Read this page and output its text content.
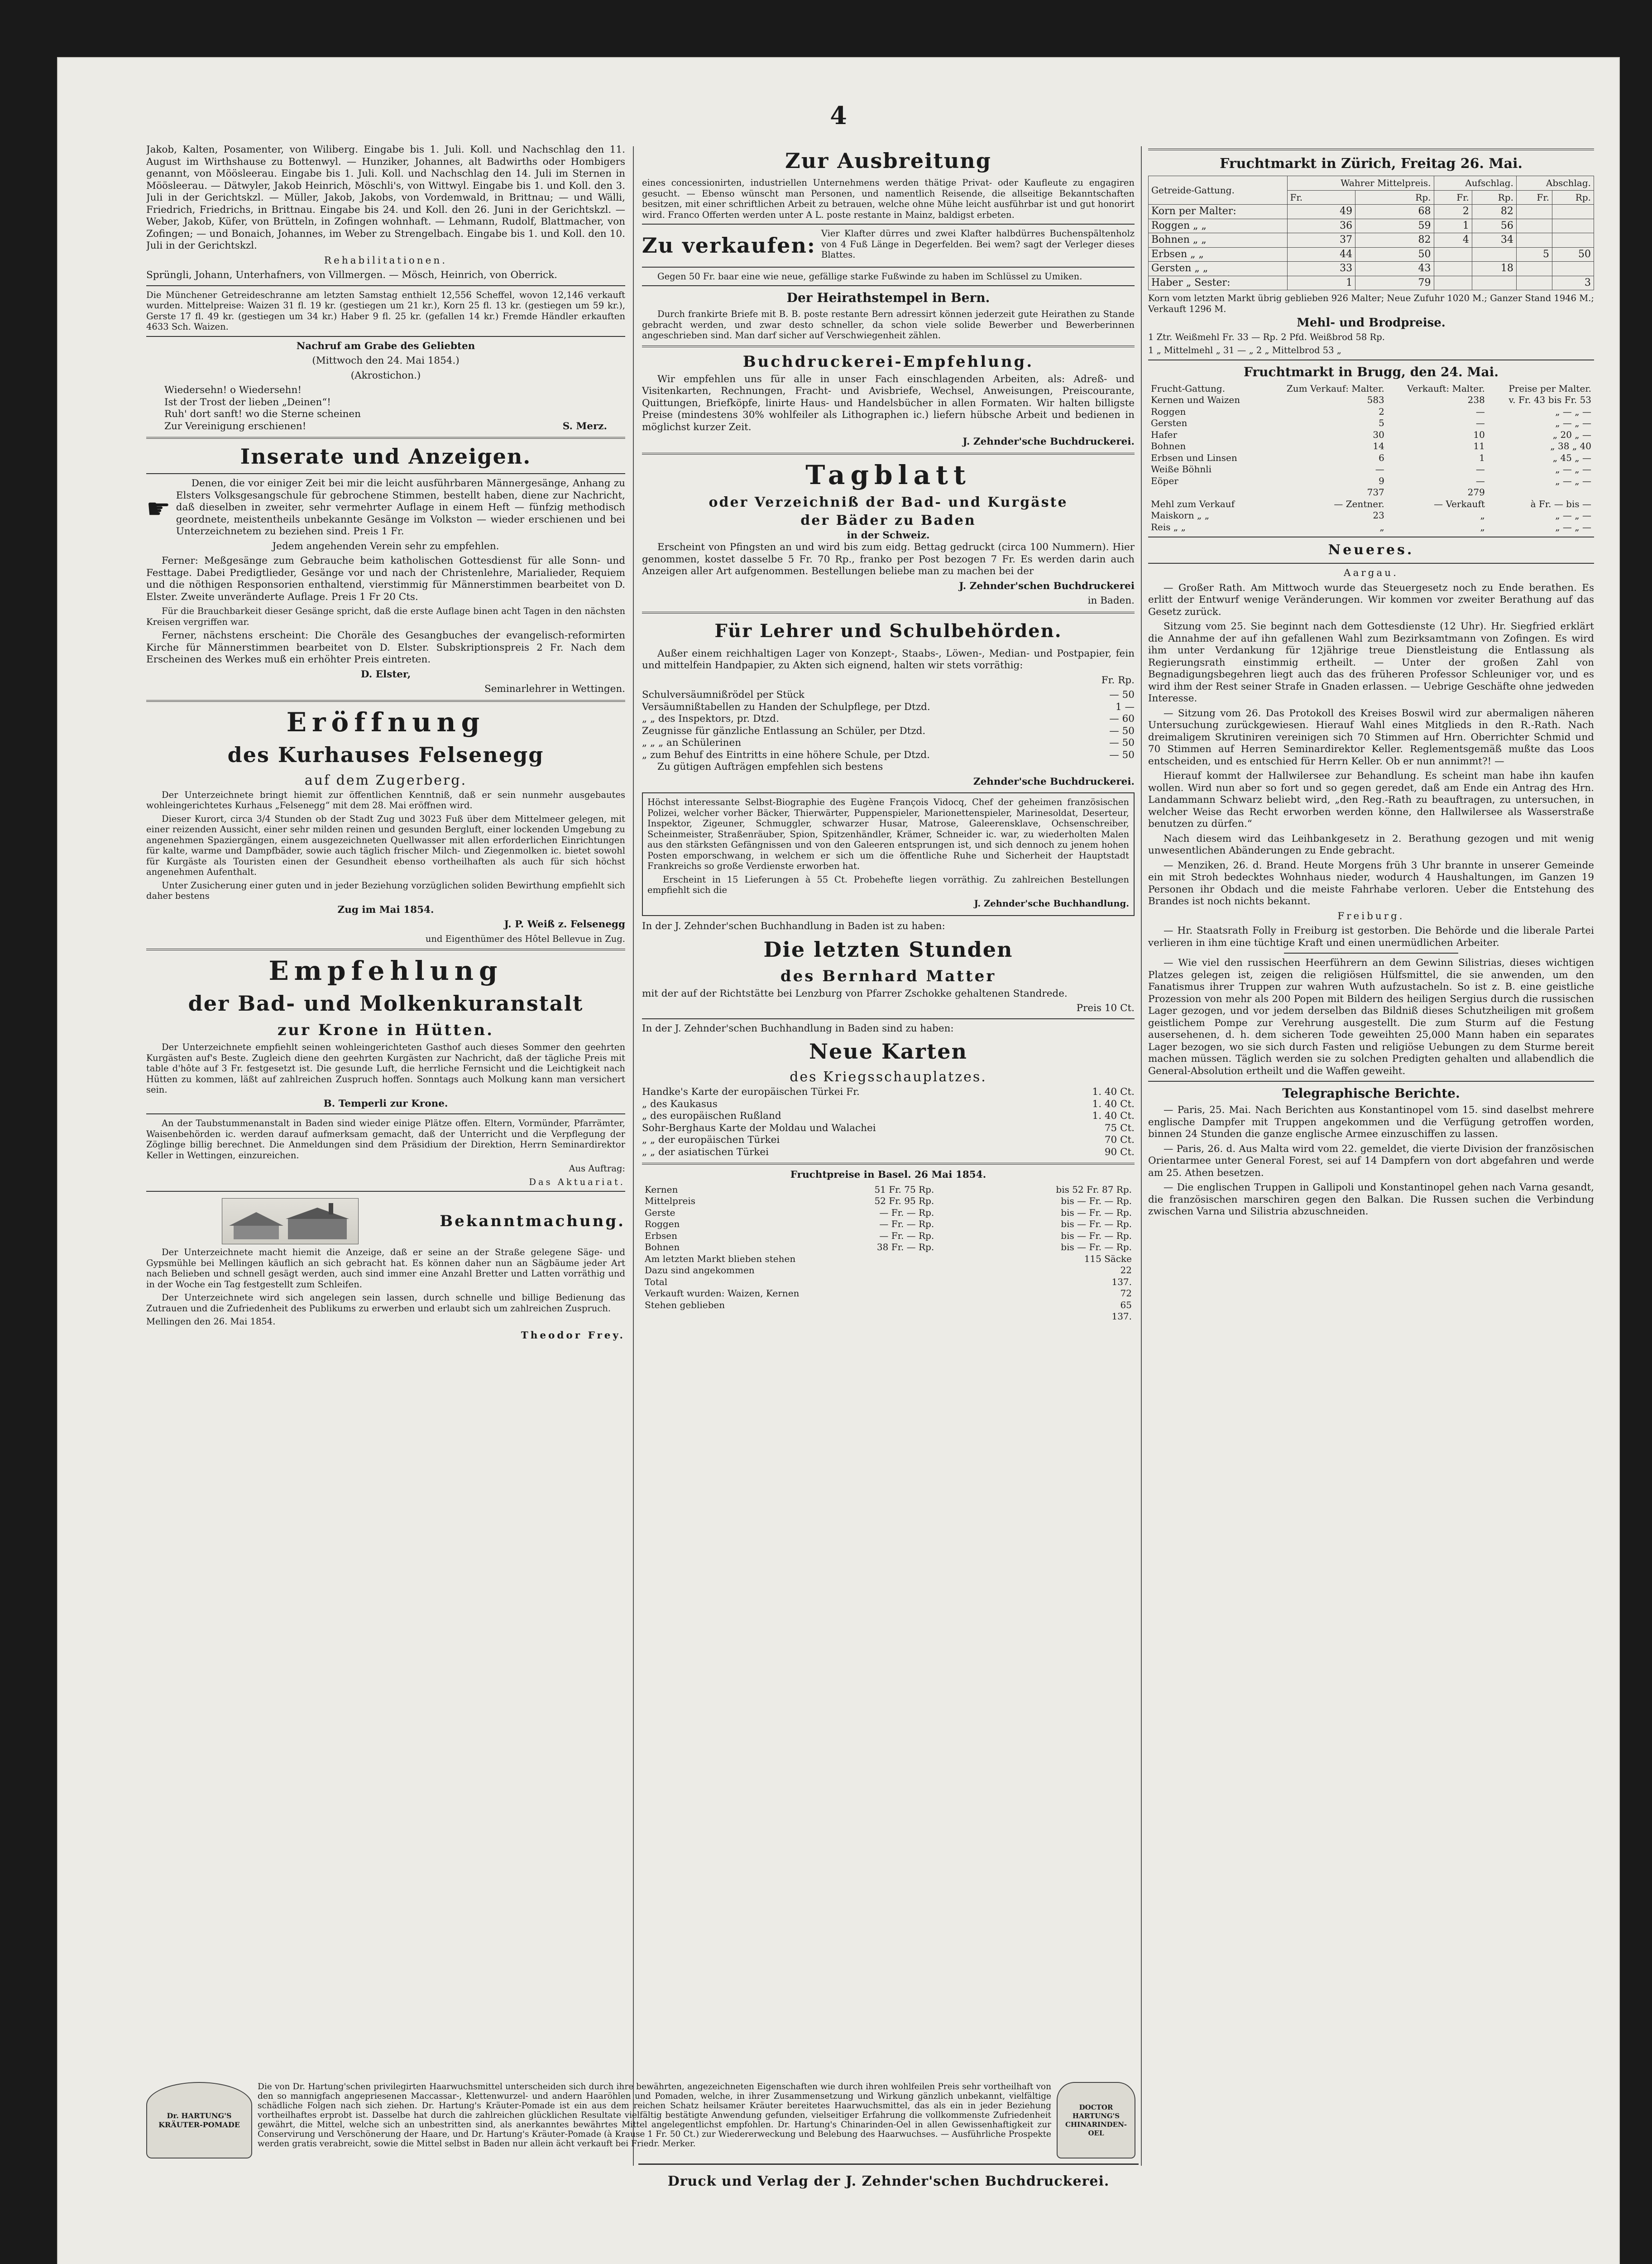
4

Jakob, Kalten, Posamenter, von Wiliberg. Eingabe bis 1. Juli. Koll. und Nachschlag den 11. August im Wirthshause zu Bottenwyl. — Hunziker, Johannes, alt Badwirths oder Hombigers genannt, von Möösleerau. Eingabe bis 1. Juli. Koll. und Nachschlag den 14. Juli im Sternen in Möösleerau. — Dätwyler, Jakob Heinrich, Möschli's, von Wittwyl. Eingabe bis 1. und Koll. den 3. Juli in der Gerichtskzl. — Müller, Jakob, Jakobs, von Vordemwald, in Brittnau; — und Wälli, Friedrich, Friedrichs, in Brittnau. Eingabe bis 24. und Koll. den 26. Juni in der Gerichtskzl. — Weber, Jakob, Küfer, von Brütteln, in Zofingen wohnhaft. — Lehmann, Rudolf, Blattmacher, von Zofingen; — und Bonaich, Johannes, im Weber zu Strengelbach. Eingabe bis 1. und Koll. den 10. Juli in der Gerichtskzl.

Rehabilitationen.

Sprüngli, Johann, Unterhafners, von Villmergen. — Mösch, Heinrich, von Oberrick.

Die Münchener Getreideschranne am letzten Samstag enthielt 12,556 Scheffel, wovon 12,146 verkauft wurden. Mittelpreise: Waizen 31 fl. 19 kr. (gestiegen um 21 kr.), Korn 25 fl. 13 kr. (gestiegen um 59 kr.), Gerste 17 fl. 49 kr. (gestiegen um 34 kr.) Haber 9 fl. 25 kr. (gefallen 14 kr.) Fremde Händler erkauften 4633 Sch. Waizen.

Nachruf am Grabe des Geliebten

(Mittwoch den 24. Mai 1854.)

(Akrostichon.)

Wiedersehn! o Wiedersehn!
Ist der Trost der lieben „Deinen“!
Ruh' dort sanft! wo die Sterne scheinen
Zur Vereinigung erschienen!	S. Merz.
Inserate und Anzeigen.
☛

Denen, die vor einiger Zeit bei mir die leicht ausführbaren Männergesänge, Anhang zu Elsters Volksgesangschule für gebrochene Stimmen, bestellt haben, diene zur Nachricht, daß dieselben in zweiter, sehr vermehrter Auflage in einem Heft — fünfzig methodisch geordnete, meistentheils unbekannte Gesänge im Volkston — wieder erschienen und bei Unterzeichnetem zu beziehen sind. Preis 1 Fr.

Jedem angehenden Verein sehr zu empfehlen.

Ferner: Meßgesänge zum Gebrauche beim katholischen Gottesdienst für alle Sonn- und Festtage. Dabei Predigtlieder, Gesänge vor und nach der Christenlehre, Marialieder, Requiem und die nöthigen Responsorien enthaltend, vierstimmig für Männerstimmen bearbeitet von D. Elster. Zweite unveränderte Auflage. Preis 1 Fr 20 Cts.

Für die Brauchbarkeit dieser Gesänge spricht, daß die erste Auflage binen acht Tagen in den nächsten Kreisen vergriffen war.

Ferner, nächstens erscheint: Die Choräle des Gesangbuches der evangelisch-reformirten Kirche für Männerstimmen bearbeitet von D. Elster. Subskriptionspreis 2 Fr. Nach dem Erscheinen des Werkes muß ein erhöhter Preis eintreten.

D. Elster,

Seminarlehrer in Wettingen.

Eröffnung
des Kurhauses Felsenegg
auf dem Zugerberg.

Der Unterzeichnete bringt hiemit zur öffentlichen Kenntniß, daß er sein nunmehr ausgebautes wohleingerichtetes Kurhaus „Felsenegg“ mit dem 28. Mai eröffnen wird.

Dieser Kurort, circa 3/4 Stunden ob der Stadt Zug und 3023 Fuß über dem Mittelmeer gelegen, mit einer reizenden Aussicht, einer sehr milden reinen und gesunden Bergluft, einer lockenden Umgebung zu angenehmen Spaziergängen, einem ausgezeichneten Quellwasser mit allen erforderlichen Einrichtungen für kalte, warme und Dampfbäder, sowie auch täglich frischer Milch- und Ziegenmolken ic. bietet sowohl für Kurgäste als Touristen einen der Gesundheit ebenso vortheilhaften als auch für sich höchst angenehmen Aufenthalt.

Unter Zusicherung einer guten und in jeder Beziehung vorzüglichen soliden Bewirthung empfiehlt sich daher bestens

Zug im Mai 1854.

J. P. Weiß z. Felsenegg

und Eigenthümer des Hôtel Bellevue in Zug.

Empfehlung
der Bad- und Molkenkuranstalt
zur Krone in Hütten.

Der Unterzeichnete empfiehlt seinen wohleingerichteten Gasthof auch dieses Sommer den geehrten Kurgästen auf's Beste. Zugleich diene den geehrten Kurgästen zur Nachricht, daß der tägliche Preis mit table d'hôte auf 3 Fr. festgesetzt ist. Die gesunde Luft, die herrliche Fernsicht und die Leichtigkeit nach Hütten zu kommen, läßt auf zahlreichen Zuspruch hoffen. Sonntags auch Molkung kann man versichert sein.

B. Temperli zur Krone.

An der Taubstummenanstalt in Baden sind wieder einige Plätze offen. Eltern, Vormünder, Pfarrämter, Waisenbehörden ic. werden darauf aufmerksam gemacht, daß der Unterricht und die Verpflegung der Zöglinge billig berechnet. Die Anmeldungen sind dem Präsidium der Direktion, Herrn Seminardirektor Keller in Wettingen, einzureichen.

Aus Auftrag:

Das Aktuariat.

Bekanntmachung.

Der Unterzeichnete macht hiemit die Anzeige, daß er seine an der Straße gelegene Säge- und Gypsmühle bei Mellingen käuflich an sich gebracht hat. Es können daher nun an Sägbäume jeder Art nach Belieben und schnell gesägt werden, auch sind immer eine Anzahl Bretter und Latten vorräthig und in der Woche ein Tag festgestellt zum Schleifen.

Der Unterzeichnete wird sich angelegen sein lassen, durch schnelle und billige Bedienung das Zutrauen und die Zufriedenheit des Publikums zu erwerben und erlaubt sich um zahlreichen Zuspruch.

Mellingen den 26. Mai 1854.

Theodor Frey.

Zur Ausbreitung

eines concessionirten, industriellen Unternehmens werden thätige Privat- oder Kaufleute zu engagiren gesucht. — Ebenso wünscht man Personen, und namentlich Reisende, die allseitige Bekanntschaften besitzen, mit einer schriftlichen Arbeit zu betrauen, welche ohne Mühe leicht ausführbar ist und gut honorirt wird. Franco Offerten werden unter A L. poste restante in Mainz, baldigst erbeten.

Zu verkaufen: Vier Klafter dürres und zwei Klafter halbdürres Buchenspältenholz von 4 Fuß Länge in Degerfelden. Bei wem? sagt der Verleger dieses Blattes.

Gegen 50 Fr. baar eine wie neue, gefällige starke Fußwinde zu haben im Schlüssel zu Umiken.

Der Heirathstempel in Bern.

Durch frankirte Briefe mit B. B. poste restante Bern adressirt können jederzeit gute Heirathen zu Stande gebracht werden, und zwar desto schneller, da schon viele solide Bewerber und Bewerberinnen angeschrieben sind. Man darf sicher auf Verschwiegenheit zählen.

Buchdruckerei-Empfehlung.

Wir empfehlen uns für alle in unser Fach einschlagenden Arbeiten, als: Adreß- und Visitenkarten, Rechnungen, Fracht- und Avisbriefe, Wechsel, Anweisungen, Preiscourante, Quittungen, Briefköpfe, linirte Haus- und Handelsbücher in allen Formaten. Wir halten billigste Preise (mindestens 30% wohlfeiler als Lithographen ic.) liefern hübsche Arbeit und bedienen in möglichst kurzer Zeit.

J. Zehnder'sche Buchdruckerei.

Tagblatt
oder Verzeichniß der Bad- und Kurgäste
der Bäder zu Baden
in der Schweiz.

Erscheint von Pfingsten an und wird bis zum eidg. Bettag gedruckt (circa 100 Nummern). Hier genommen, kostet dasselbe 5 Fr. 70 Rp., franko per Post bezogen 7 Fr. Es werden darin auch Anzeigen aller Art aufgenommen. Bestellungen beliebe man zu machen bei der

J. Zehnder'schen Buchdruckerei

in Baden.

Für Lehrer und Schulbehörden.

Außer einem reichhaltigen Lager von Konzept-, Staabs-, Löwen-, Median- und Postpapier, fein und mittelfein Handpapier, zu Akten sich eignend, halten wir stets vorräthig:

Fr. Rp.

Schulversäumnißrödel per Stück	— 50
Versäumnißtabellen zu Handen der Schulpflege, per Dtzd.	1 —
„ „ des Inspektors, pr. Dtzd.	— 60
Zeugnisse für gänzliche Entlassung an Schüler, per Dtzd.	— 50
„ „ „ an Schülerinen	— 50
„ zum Behuf des Eintritts in eine höhere Schule, per Dtzd.	— 50

Zu gütigen Aufträgen empfehlen sich bestens

Zehnder'sche Buchdruckerei.

Höchst interessante Selbst-Biographie des Eugène François Vidocq, Chef der geheimen französischen Polizei, welcher vorher Bäcker, Thierwärter, Puppenspieler, Marionettenspieler, Marinesoldat, Deserteur, Inspektor, Zigeuner, Schmuggler, schwarzer Husar, Matrose, Galeerensklave, Ochsenschreiber, Scheinmeister, Straßenräuber, Spion, Spitzenhändler, Krämer, Schneider ic. war, zu wiederholten Malen aus den stärksten Gefängnissen und von den Galeeren entsprungen ist, und sich dennoch zu jenem hohen Posten emporschwang, in welchem er sich um die öffentliche Ruhe und Sicherheit der Hauptstadt Frankreichs so große Verdienste erworben hat.

Erscheint in 15 Lieferungen à 55 Ct. Probehefte liegen vorräthig. Zu zahlreichen Bestellungen empfiehlt sich die

J. Zehnder'sche Buchhandlung.

In der J. Zehnder'schen Buchhandlung in Baden ist zu haben:

Die letzten Stunden
des Bernhard Matter

mit der auf der Richtstätte bei Lenzburg von Pfarrer Zschokke gehaltenen Standrede.

Preis 10 Ct.

In der J. Zehnder'schen Buchhandlung in Baden sind zu haben:

Neue Karten
des Kriegsschauplatzes.
Handke's Karte der europäischen Türkei Fr.	1. 40 Ct.
„ des Kaukasus	1. 40 Ct.
„ des europäischen Rußland	1. 40 Ct.
Sohr-Berghaus Karte der Moldau und Walachei	75 Ct.
„ „ der europäischen Türkei	70 Ct.
„ „ der asiatischen Türkei	90 Ct.

Fruchtpreise in Basel. 26 Mai 1854.

Kernen	51 Fr. 75 Rp.	bis 52 Fr. 87 Rp.
Mittelpreis	52 Fr. 95 Rp.	bis — Fr. — Rp.
Gerste	— Fr. — Rp.	bis — Fr. — Rp.
Roggen	— Fr. — Rp.	bis — Fr. — Rp.
Erbsen	— Fr. — Rp.	bis — Fr. — Rp.
Bohnen	38 Fr. — Rp.	bis — Fr. — Rp.
Am letzten Markt blieben stehen	115 Säcke
Dazu sind angekommen	22
Total	137.
Verkauft wurden: Waizen, Kernen	72
Stehen geblieben	65
	137.
Dr. HARTUNG'S KRÄUTER-POMADE

Die von Dr. Hartung'schen privilegirten Haarwuchsmittel unterscheiden sich durch ihre bewährten, angezeichneten Eigenschaften wie durch ihren wohlfeilen Preis sehr vortheilhaft von den so mannigfach angepriesenen Maccassar-, Klettenwurzel- und andern Haaröhlen und Pomaden, welche, in ihrer Zusammensetzung und Wirkung gänzlich unbekannt, vielfältige schädliche Folgen nach sich ziehen. Dr. Hartung's Kräuter-Pomade ist ein aus dem reichen Schatz heilsamer Kräuter bereitetes Haarwuchsmittel, das als ein in jeder Beziehung vortheilhaftes erprobt ist. Dasselbe hat durch die zahlreichen glücklichen Resultate vielfältig bestätigte Anwendung gefunden, vielseitiger Erfahrung die vollkommenste Zufriedenheit gewährt, die Mittel, welche sich an unbestritten sind, als anerkanntes bewährtes Mittel angelegentlichst empfohlen. Dr. Hartung's Chinarinden-Oel in allen Gewissenhaftigkeit zur Conservirung und Verschönerung der Haare, und Dr. Hartung's Kräuter-Pomade (à Krause 1 Fr. 50 Ct.) zur Wiedererweckung und Belebung des Haarwuchses. — Ausführliche Prospekte werden gratis verabreicht, sowie die Mittel selbst in Baden nur allein ächt verkauft bei Friedr. Merker.

DOCTOR HARTUNG'S CHINARINDEN-OEL

Fruchtmarkt in Zürich, Freitag 26. Mai.

Getreide-Gattung.	Wahrer Mittelpreis.		Aufschlag.		Abschlag.	
	Fr.	Rp.	Fr.	Rp.	Fr.	Rp.
Korn per Malter:	49	68	2	82		
Roggen „ „	36	59	1	56		
Bohnen „ „	37	82	4	34		
Erbsen „ „	44	50			5	50
Gersten „ „	33	43		18		
Haber „ Sester:	1	79				3

Korn vom letzten Markt übrig geblieben 926 Malter; Neue Zufuhr 1020 M.; Ganzer Stand 1946 M.; Verkauft 1296 M.

Mehl- und Brodpreise.

1 Ztr. Weißmehl Fr. 33 — Rp. 2 Pfd. Weißbrod 58 Rp.

1 „ Mittelmehl „ 31 — „ 2 „ Mittelbrod 53 „

Fruchtmarkt in Brugg, den 24. Mai.

Frucht-Gattung.	Zum Verkauf: Malter.	Verkauft: Malter.	Preise per Malter.
Kernen und Waizen	583	238	v. Fr. 43 bis Fr. 53
Roggen	2	—	„ — „ —
Gersten	5	—	„ — „ —
Hafer	30	10	„ 20 „ —
Bohnen	14	11	„ 38 „ 40
Erbsen und Linsen	6	1	„ 45 „ —
Weiße Böhnli	—	—	„ — „ —
Eöper	9	—	„ — „ —
	737	279	
Mehl zum Verkauf	— Zentner.	— Verkauft	à Fr. — bis —
Maiskorn „ „	23	„	„ — „ —
Reis „ „	„	„	„ — „ —

Neueres.

Aargau.

— Großer Rath. Am Mittwoch wurde das Steuergesetz noch zu Ende berathen. Es erlitt der Entwurf wenige Veränderungen. Wir kommen vor zweiter Berathung auf das Gesetz zurück.

Sitzung vom 25. Sie beginnt nach dem Gottesdienste (12 Uhr). Hr. Siegfried erklärt die Annahme der auf ihn gefallenen Wahl zum Bezirksamtmann von Zofingen. Es wird ihm unter Verdankung für 12jährige treue Dienstleistung die Entlassung als Regierungsrath einstimmig ertheilt. — Unter der großen Zahl von Begnadigungsbegehren liegt auch das des früheren Professor Schleuniger vor, und es wird ihm der Rest seiner Strafe in Gnaden erlassen. — Uebrige Geschäfte ohne jedweden Interesse.

— Sitzung vom 26. Das Protokoll des Kreises Boswil wird zur abermaligen näheren Untersuchung zurückgewiesen. Hierauf Wahl eines Mitglieds in den R.-Rath. Nach dreimaligem Skrutiniren vereinigen sich 70 Stimmen auf Hrn. Oberrichter Schmid und 70 Stimmen auf Herren Seminardirektor Keller. Reglementsgemäß mußte das Loos entscheiden, und es entschied für Herrn Keller. Ob er nun annimmt?! —

Hierauf kommt der Hallwilersee zur Behandlung. Es scheint man habe ihn kaufen wollen. Wird nun aber so fort und so gegen geredet, daß am Ende ein Antrag des Hrn. Landammann Schwarz beliebt wird, „den Reg.-Rath zu beauftragen, zu untersuchen, in welcher Weise das Recht erworben werden könne, den Hallwilersee als Wasserstraße benutzen zu dürfen.“

Nach diesem wird das Leihbankgesetz in 2. Berathung gezogen und mit wenig unwesentlichen Abänderungen zu Ende gebracht.

— Menziken, 26. d. Brand. Heute Morgens früh 3 Uhr brannte in unserer Gemeinde ein mit Stroh bedecktes Wohnhaus nieder, wodurch 4 Haushaltungen, im Ganzen 19 Personen ihr Obdach und die meiste Fahrhabe verloren. Ueber die Entstehung des Brandes ist noch nichts bekannt.

Freiburg.

— Hr. Staatsrath Folly in Freiburg ist gestorben. Die Behörde und die liberale Partei verlieren in ihm eine tüchtige Kraft und einen unermüdlichen Arbeiter.

— Wie viel den russischen Heerführern an dem Gewinn Silistrias, dieses wichtigen Platzes gelegen ist, zeigen die religiösen Hülfsmittel, die sie anwenden, um den Fanatismus ihrer Truppen zur wahren Wuth aufzustacheln. So ist z. B. eine geistliche Prozession von mehr als 200 Popen mit Bildern des heiligen Sergius durch die russischen Lager gezogen, und vor jedem derselben das Bildniß dieses Schutzheiligen mit großem geistlichem Pompe zur Verehrung ausgestellt. Die zum Sturm auf die Festung ausersehenen, d. h. dem sicheren Tode geweihten 25,000 Mann haben ein separates Lager bezogen, wo sie sich durch Fasten und religiöse Uebungen zu dem Sturme bereit machen müssen. Täglich werden sie zu solchen Predigten gehalten und allabendlich die General-Absolution ertheilt und die Waffen geweiht.

Telegraphische Berichte.

— Paris, 25. Mai. Nach Berichten aus Konstantinopel vom 15. sind daselbst mehrere englische Dampfer mit Truppen angekommen und die Verfügung getroffen worden, binnen 24 Stunden die ganze englische Armee einzuschiffen zu lassen.

— Paris, 26. d. Aus Malta wird vom 22. gemeldet, die vierte Division der französischen Orientarmee unter General Forest, sei auf 14 Dampfern von dort abgefahren und werde am 25. Athen besetzen.

— Die englischen Truppen in Gallipoli und Konstantinopel gehen nach Varna gesandt, die französischen marschiren gegen den Balkan. Die Russen suchen die Verbindung zwischen Varna und Silistria abzuschneiden.

Druck und Verlag der J. Zehnder'schen Buchdruckerei.
